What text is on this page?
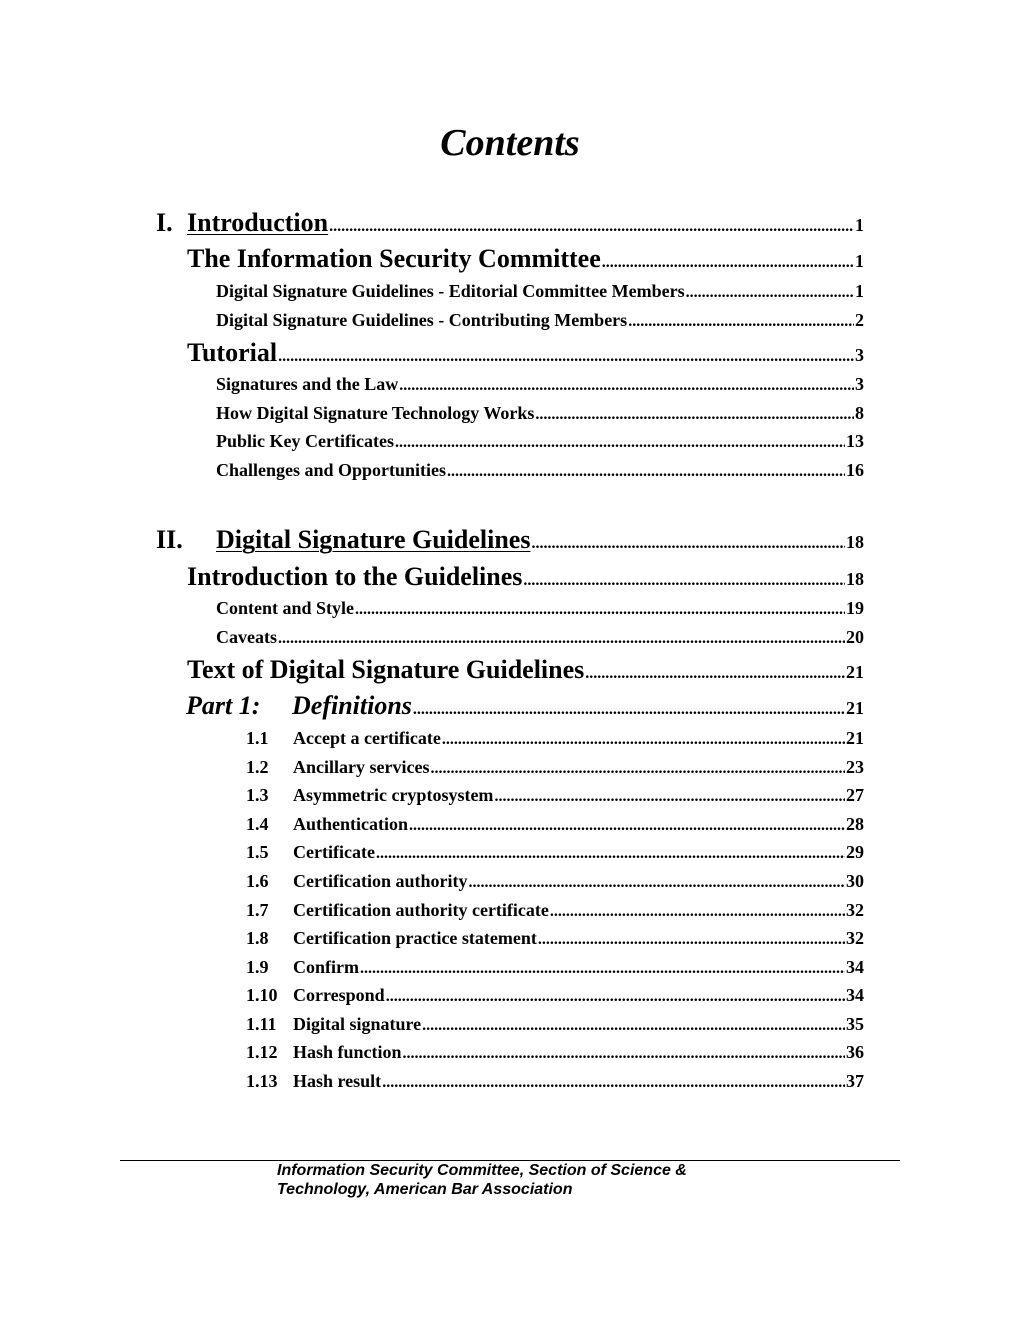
Contents
I. Introduction .....	1
The Information Security Committee .....	1
Digital Signature Guidelines - Editorial Committee Members .....	1
Digital Signature Guidelines - Contributing Members .....	2
Tutorial .....	3
Signatures and the Law .....	3
How Digital Signature Technology Works .....	8
Public Key Certificates .....	13
Challenges and Opportunities .....	16
II.	Digital Signature Guidelines .....	18
Introduction to the Guidelines .....	18
Content and Style .....	19
Caveats .....	20
Text of Digital Signature Guidelines .....	21
Part 1:	Definitions .....	21
1.1	Accept a certificate .....	21
1.2	Ancillary services .....	23
1.3	Asymmetric cryptosystem .....	27
1.4	Authentication .....	28
1.5	Certificate .....	29
1.6	Certification authority .....	30
1.7	Certification authority certificate .....	32
1.8	Certification practice statement .....	32
1.9	Confirm .....	34
1.10 Correspond .....	34
1.11 Digital signature .....	35
1.12 Hash function .....	36
1.13 Hash result .....	37
Information Security Committee, Section of Science &
Technology, American Bar Association
